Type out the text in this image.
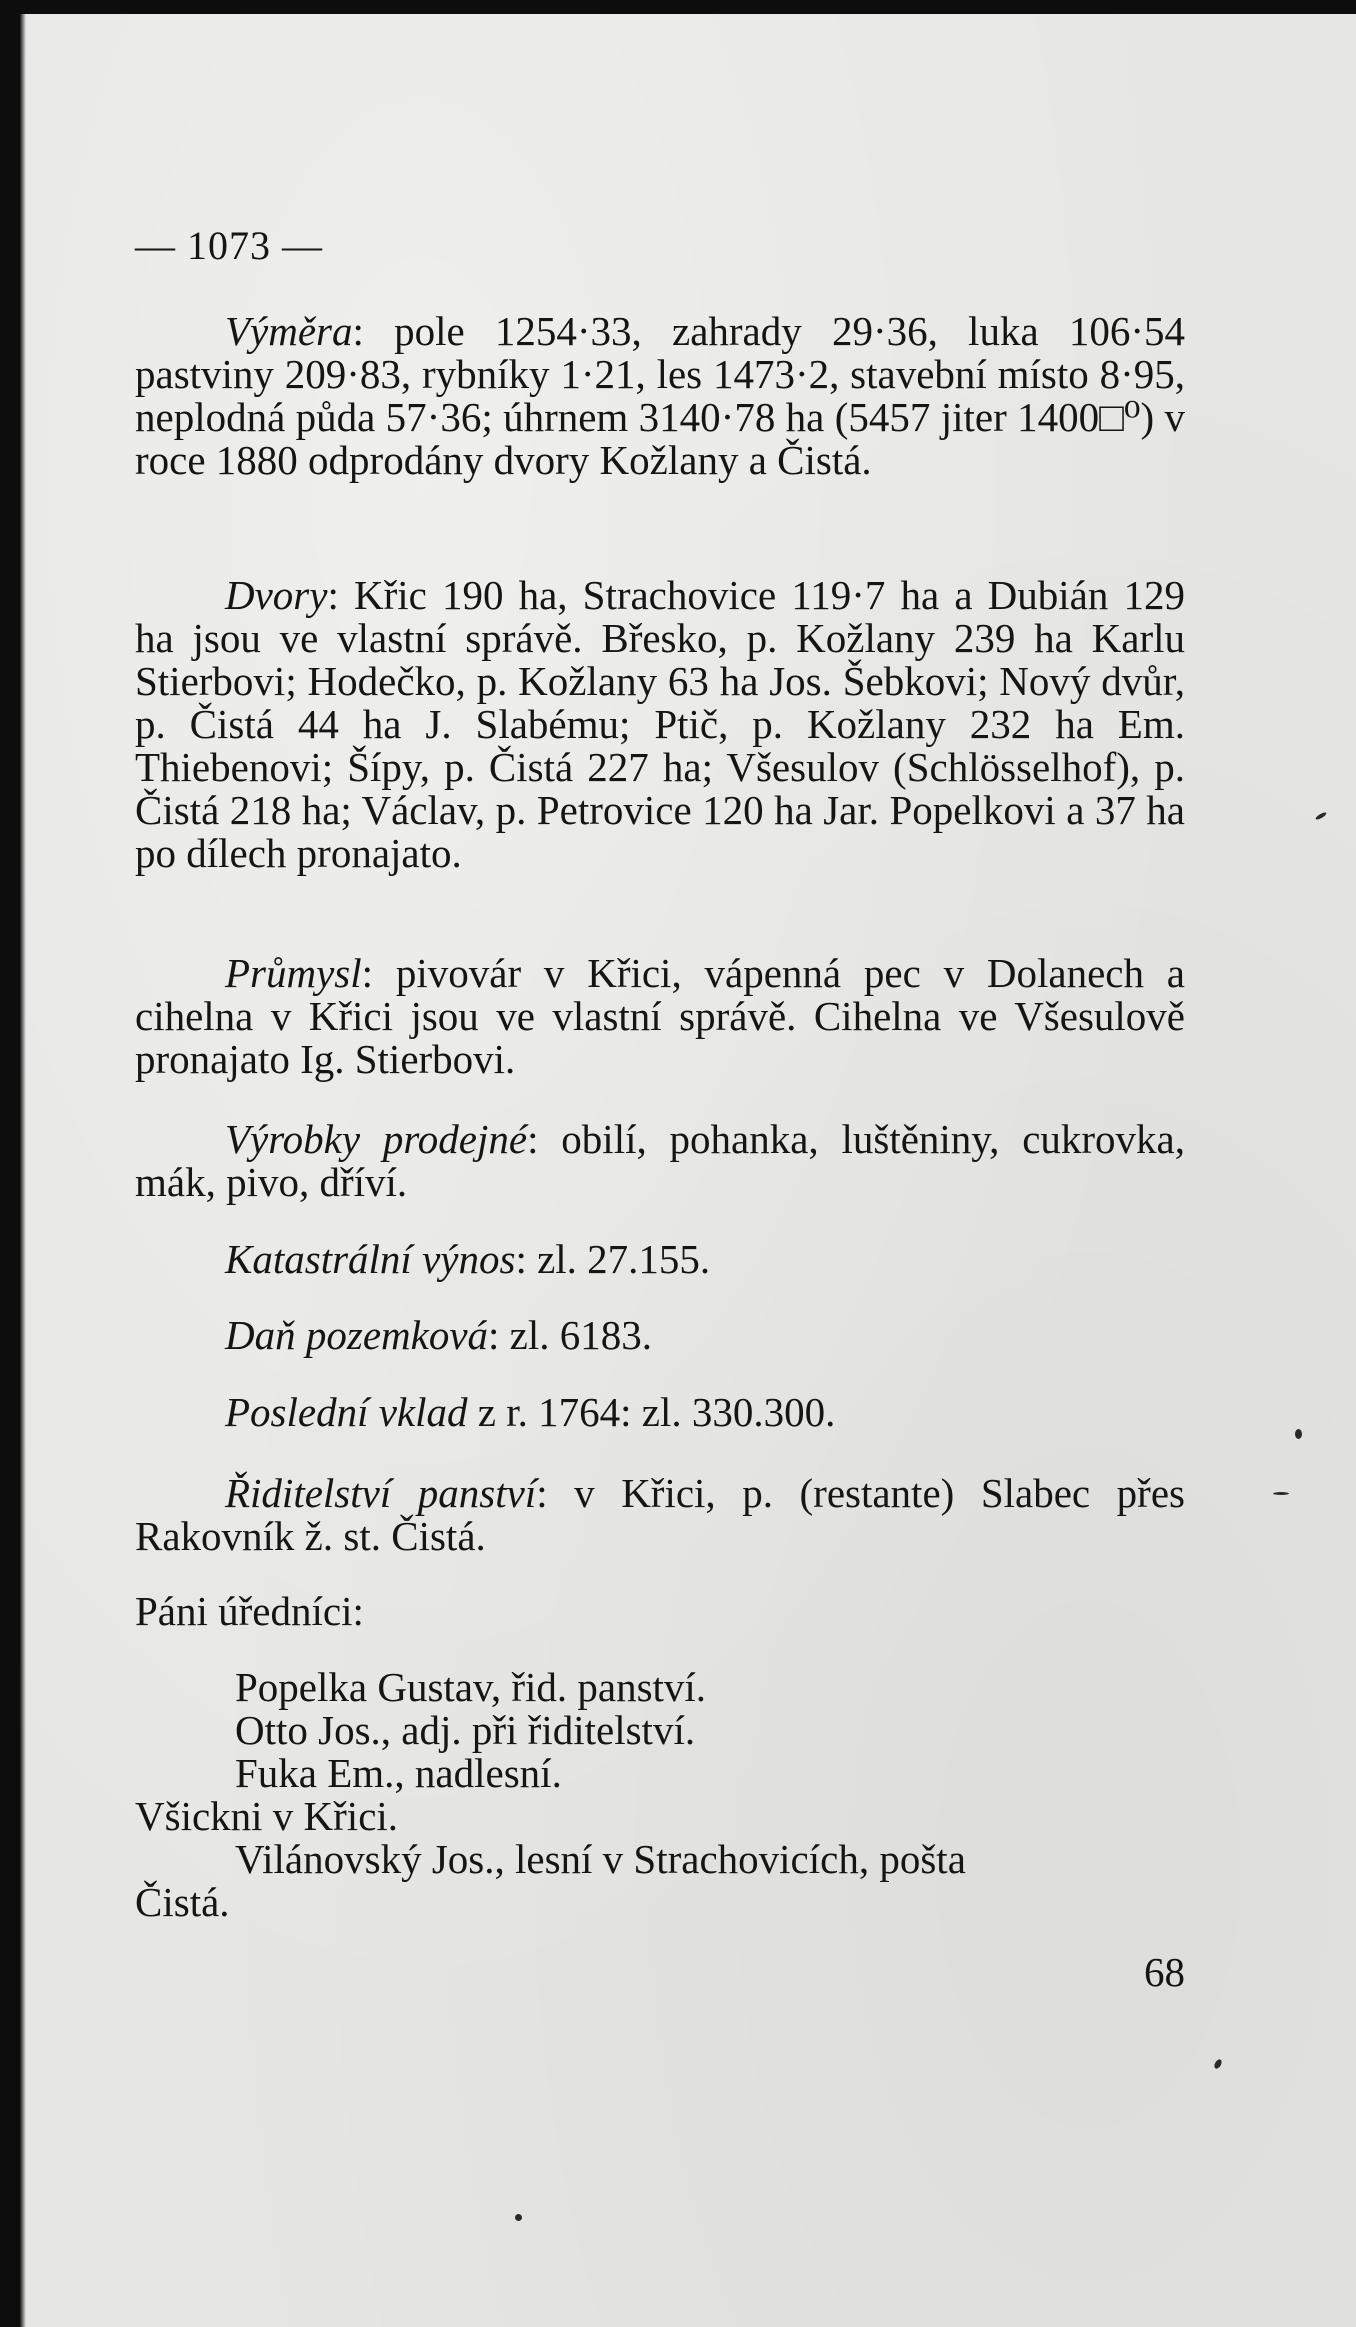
— 1073 —

Výměra: pole 1254·33, zahrady 29·36, luka 106·54 pastviny 209·83, rybníky 1·21, les 1473·2, stavební místo 8·95, neplodná půda 57·36; úhrnem 3140·78 ha (5457 jiter 1400□⁰) v roce 1880 odprodány dvory Kožlany a Čistá.

Dvory: Křic 190 ha, Strachovice 119·7 ha a Dubián 129 ha jsou ve vlastní správě. Břesko, p. Kožlany 239 ha Karlu Stierbovi; Hodečko, p. Kožlany 63 ha Jos. Šebkovi; Nový dvůr, p. Čistá 44 ha J. Slabému; Ptič, p. Kožlany 232 ha Em. Thiebenovi; Šípy, p. Čistá 227 ha; Všesulov (Schlösselhof), p. Čistá 218 ha; Václav, p. Petrovice 120 ha Jar. Popelkovi a 37 ha po dílech pronajato.

Průmysl: pivovár v Křici, vápenná pec v Dolanech a cihelna v Křici jsou ve vlastní správě. Cihelna ve Všesulově pronajato Ig. Stierbovi.

Výrobky prodejné: obilí, pohanka, luštěniny, cukrovka, mák, pivo, dříví.

Katastrální výnos: zl. 27.155.

Daň pozemková: zl. 6183.

Poslední vklad z r. 1764: zl. 330.300.

Řiditelství panství: v Křici, p. (restante) Slabec přes Rakovník ž. st. Čistá.

Páni úředníci:

Popelka Gustav, řid. panství.

Otto Jos., adj. při řiditelství.

Fuka Em., nadlesní.

Všickni v Křici.

Vilánovský Jos., lesní v Strachovicích, pošta

Čistá.

68
